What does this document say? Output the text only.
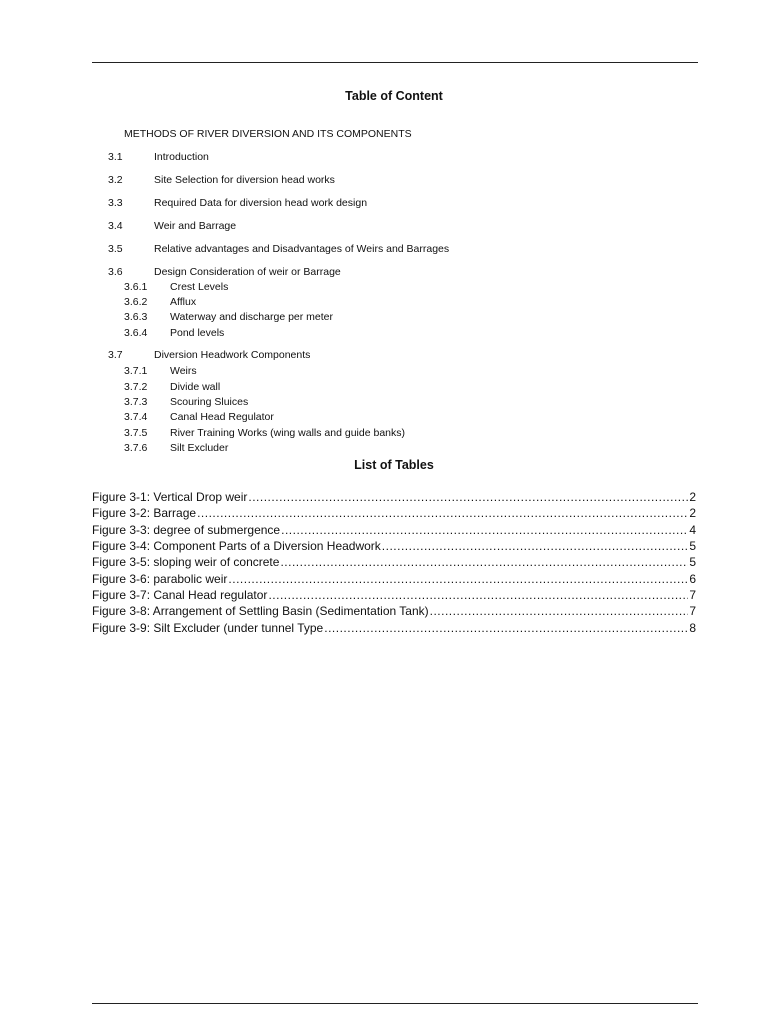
Table of Content
METHODS OF RIVER DIVERSION AND ITS COMPONENTS
3.1	Introduction
3.2	Site Selection for diversion head works
3.3	Required Data for diversion head work design
3.4	Weir and Barrage
3.5	Relative advantages and Disadvantages of Weirs and Barrages
3.6	Design Consideration of weir or Barrage
3.6.1 Crest Levels
3.6.2 Afflux
3.6.3 Waterway and discharge per meter
3.6.4 Pond levels
3.7	Diversion Headwork Components
3.7.1 Weirs
3.7.2 Divide wall
3.7.3 Scouring Sluices
3.7.4 Canal Head Regulator
3.7.5 River Training Works (wing walls and guide banks)
3.7.6 Silt Excluder
List of Tables
Figure 3-1: Vertical Drop weir .....	2
Figure 3-2: Barrage .....	2
Figure 3-3: degree of submergence .....	4
Figure 3-4: Component Parts of a Diversion Headwork .....	5
Figure 3-5: sloping weir of concrete .....	5
Figure 3-6: parabolic weir .....	6
Figure 3-7: Canal Head regulator .....	7
Figure 3-8: Arrangement of Settling Basin (Sedimentation Tank) .....	7
Figure 3-9: Silt Excluder (under tunnel Type .....	8
